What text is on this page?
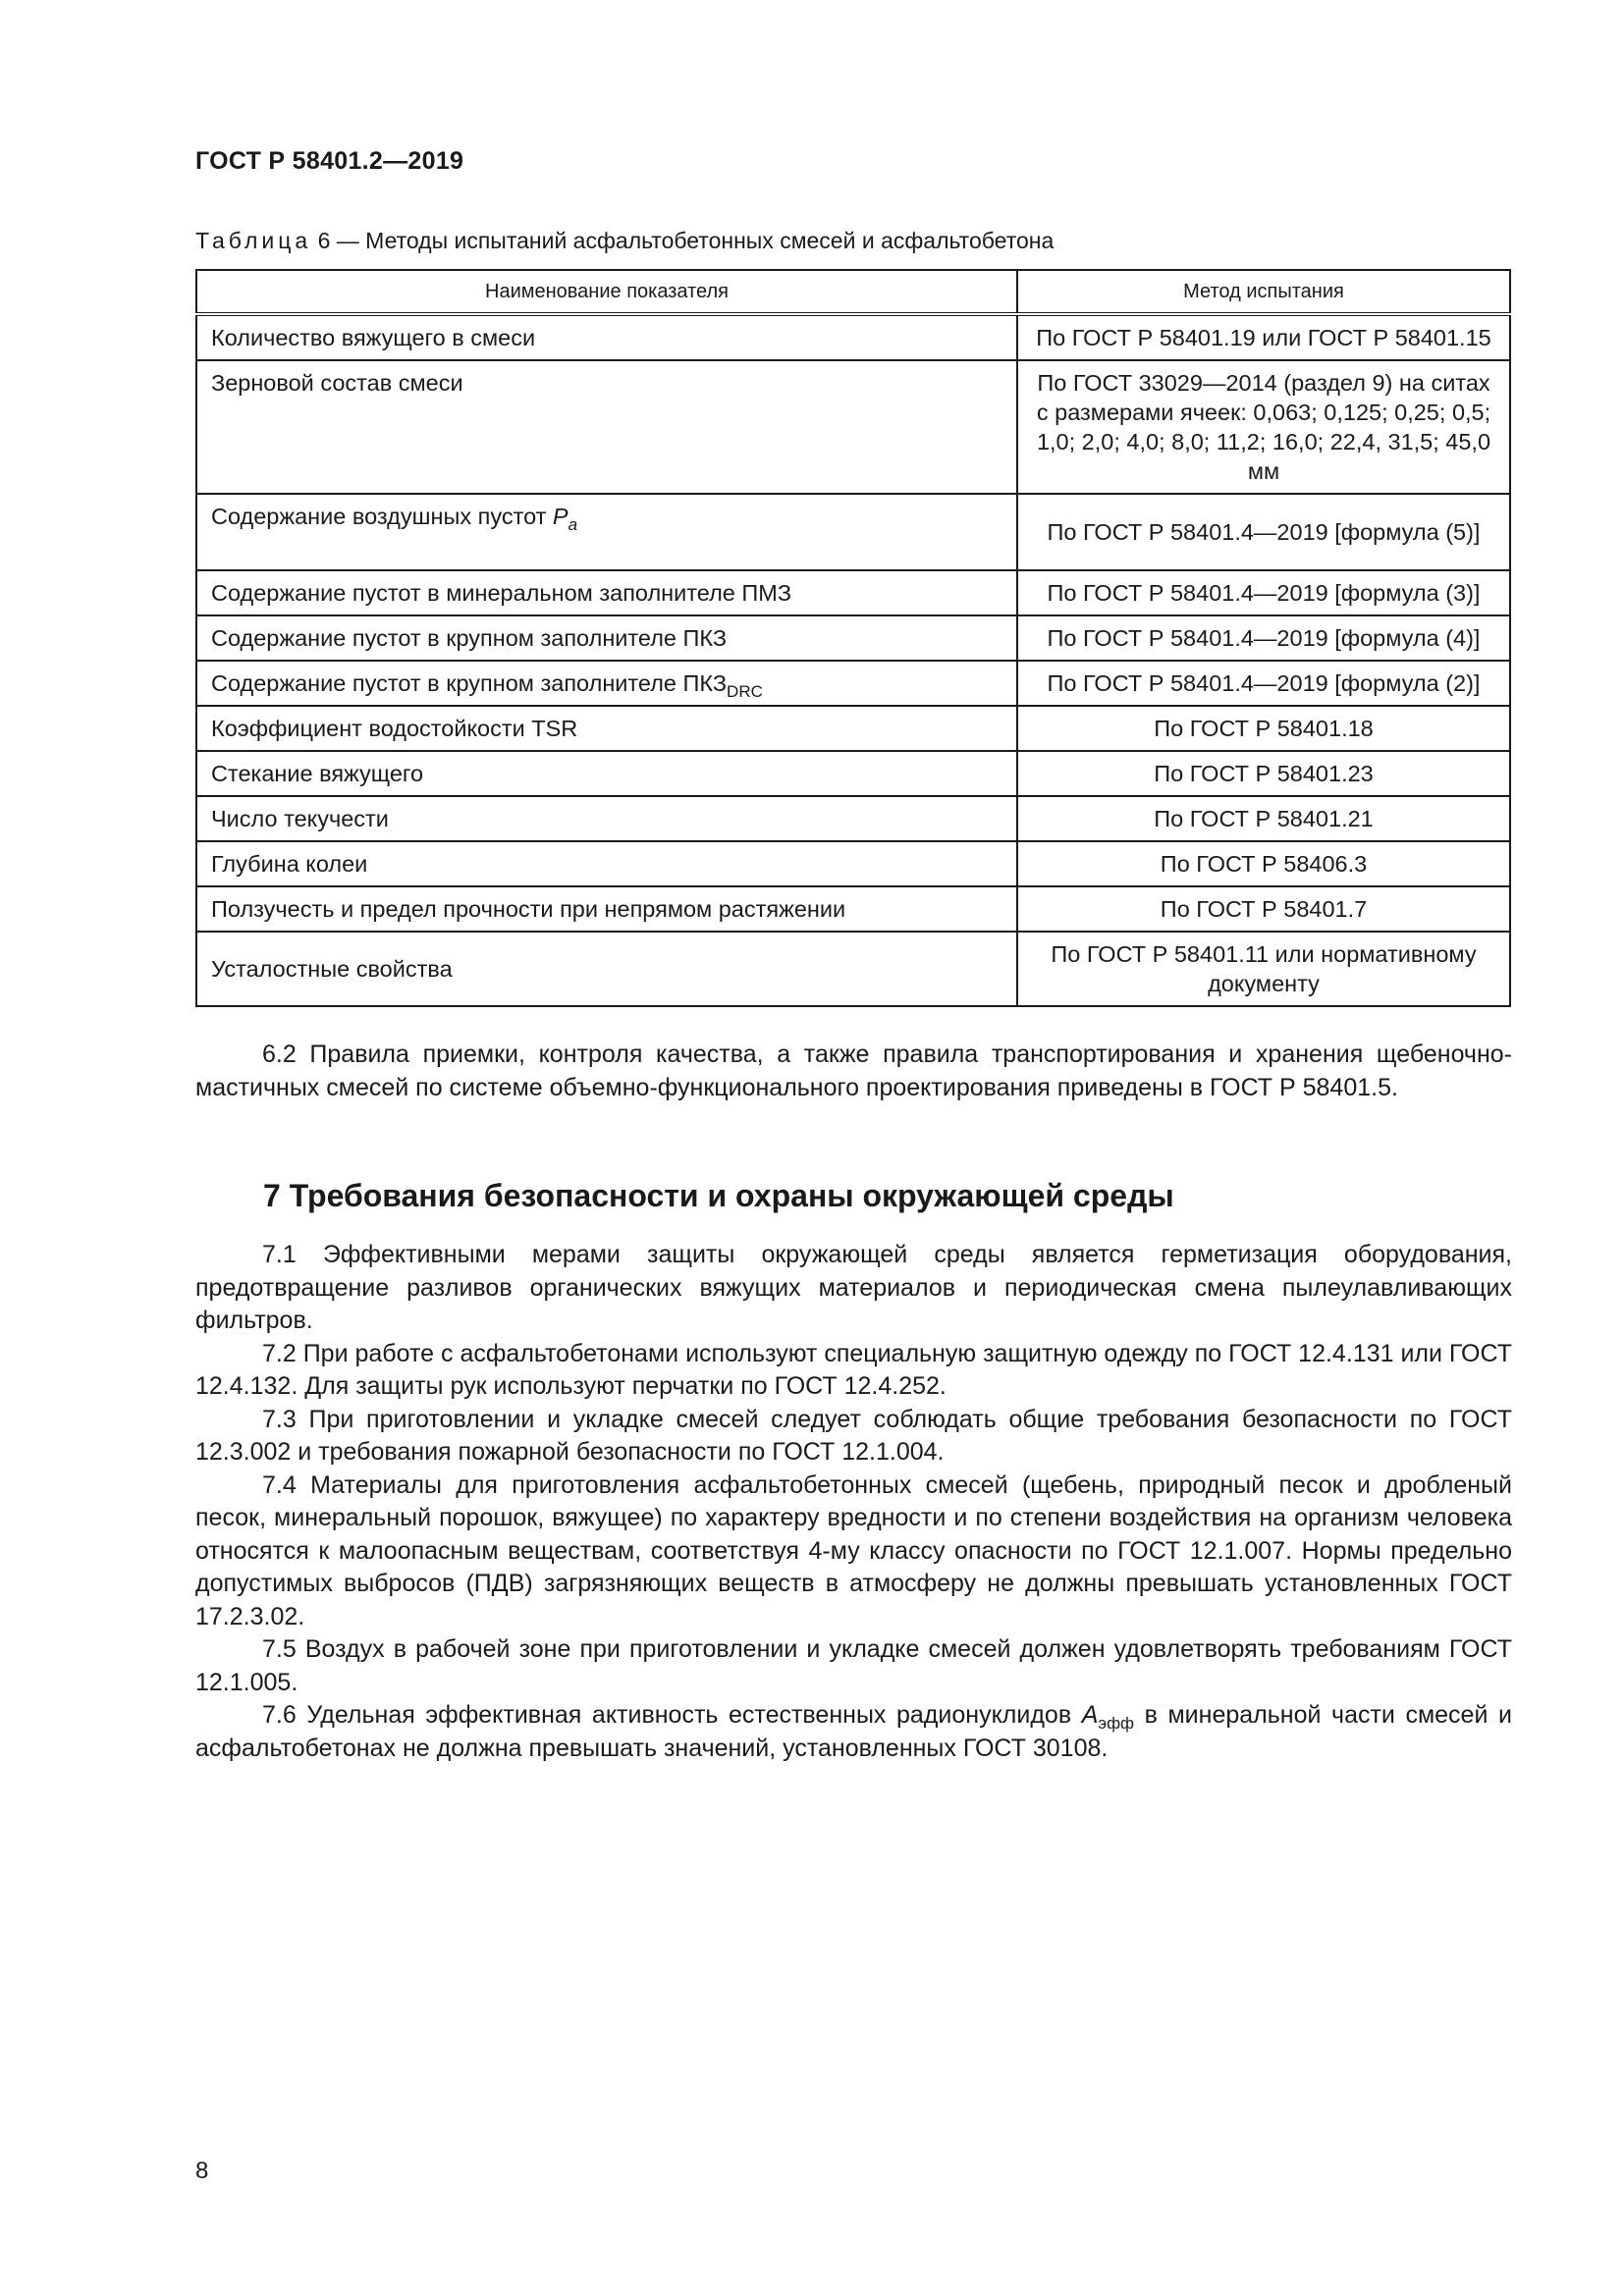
ГОСТ Р 58401.2—2019
Таблица 6 — Методы испытаний асфальтобетонных смесей и асфальтобетона
Наименование показателя	Метод испытания
Количество вяжущего в смеси	По ГОСТ Р 58401.19 или ГОСТ Р 58401.15
Зерновой состав смеси	По ГОСТ 33029—2014 (раздел 9) на ситах с размерами ячеек: 0,063; 0,125; 0,25; 0,5; 1,0; 2,0; 4,0; 8,0; 11,2; 16,0; 22,4, 31,5; 45,0 мм
Содержание воздушных пустот $P_a$	По ГОСТ Р 58401.4—2019 [формула (5)]
Содержание пустот в минеральном заполнителе ПМЗ	По ГОСТ Р 58401.4—2019 [формула (3)]
Содержание пустот в крупном заполнителе ПКЗ	По ГОСТ Р 58401.4—2019 [формула (4)]
Содержание пустот в крупном заполнителе $ПКЗ_{DRC}$	По ГОСТ Р 58401.4—2019 [формула (2)]
Коэффициент водостойкости TSR	По ГОСТ Р 58401.18
Стекание вяжущего	По ГОСТ Р 58401.23
Число текучести	По ГОСТ Р 58401.21
Глубина колеи	По ГОСТ Р 58406.3
Ползучесть и предел прочности при непрямом растяжении	По ГОСТ Р 58401.7
Усталостные свойства	По ГОСТ Р 58401.11 или нормативному документу

6.2 Правила приемки, контроля качества, а также правила транспортирования и хранения щебеночно-мастичных смесей по системе объемно-функционального проектирования приведены в ГОСТ Р 58401.5.

7 Требования безопасности и охраны окружающей среды

7.1 Эффективными мерами защиты окружающей среды является герметизация оборудования, предотвращение разливов органических вяжущих материалов и периодическая смена пылеулавливающих фильтров.

7.2 При работе с асфальтобетонами используют специальную защитную одежду по ГОСТ 12.4.131 или ГОСТ 12.4.132. Для защиты рук используют перчатки по ГОСТ 12.4.252.

7.3 При приготовлении и укладке смесей следует соблюдать общие требования безопасности по ГОСТ 12.3.002 и требования пожарной безопасности по ГОСТ 12.1.004.

7.4 Материалы для приготовления асфальтобетонных смесей (щебень, природный песок и дробленый песок, минеральный порошок, вяжущее) по характеру вредности и по степени воздействия на организм человека относятся к малоопасным веществам, соответствуя 4-му классу опасности по ГОСТ 12.1.007. Нормы предельно допустимых выбросов (ПДВ) загрязняющих веществ в атмосферу не должны превышать установленных ГОСТ 17.2.3.02.

7.5 Воздух в рабочей зоне при приготовлении и укладке смесей должен удовлетворять требованиям ГОСТ 12.1.005.

7.6 Удельная эффективная активность естественных радионуклидов $A_{эфф}$ в минеральной части смесей и асфальтобетонах не должна превышать значений, установленных ГОСТ 30108.

8
